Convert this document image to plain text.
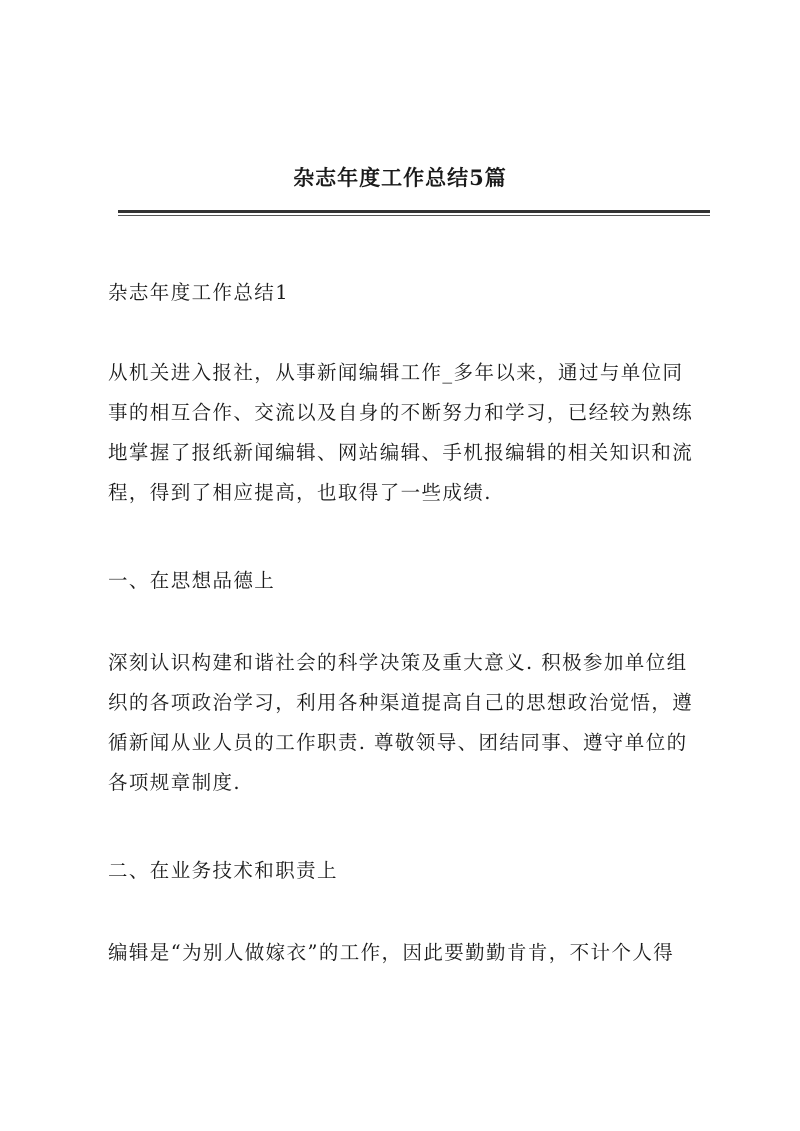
杂志年度工作总结5篇
杂志年度工作总结1
从机关进入报社，从事新闻编辑工作_多年以来，通过与单位同
事的相互合作、交流以及自身的不断努力和学习，已经较为熟练
地掌握了报纸新闻编辑、网站编辑、手机报编辑的相关知识和流
程，得到了相应提高，也取得了一些成绩.
一、在思想品德上
深刻认识构建和谐社会的科学决策及重大意义. 积极参加单位组
织的各项政治学习，利用各种渠道提高自己的思想政治觉悟，遵
循新闻从业人员的工作职责. 尊敬领导、团结同事、遵守单位的
各项规章制度.
二、在业务技术和职责上
编辑是“为别人做嫁衣”的工作，因此要勤勤肯肯，不计个人得
